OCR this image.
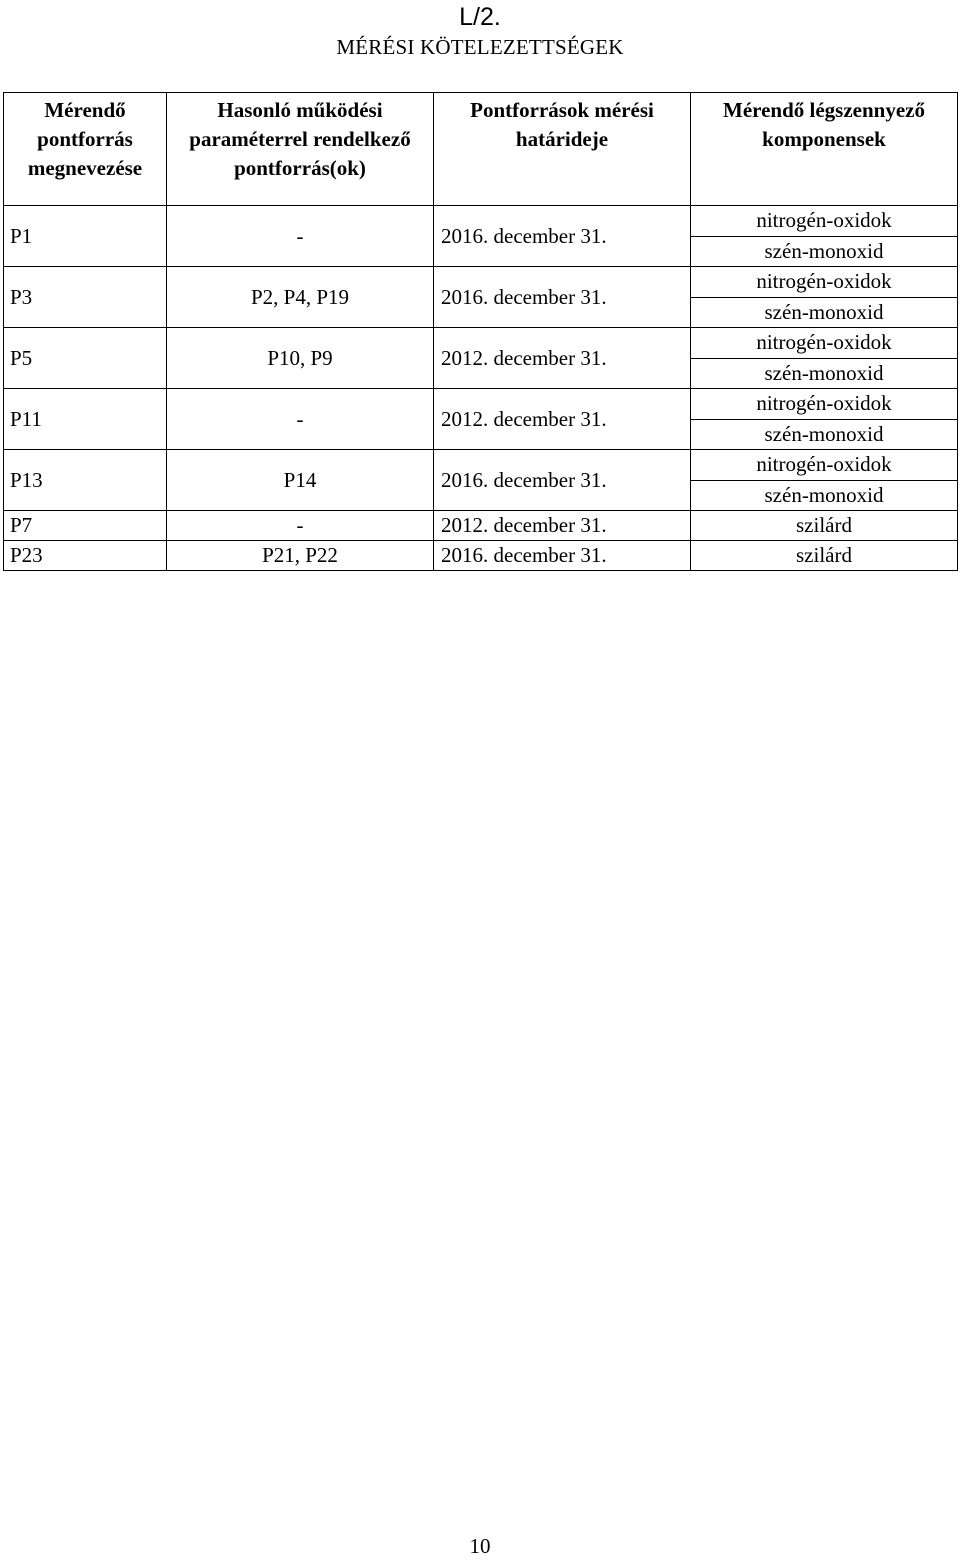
L/2.
MÉRÉSI KÖTELEZETTSÉGEK
Mérendő pontforrás megnevezése	Hasonló működési paraméterrel rendelkező pontforrás(ok)	Pontforrások mérési határideje	Mérendő légszennyező komponensek
P1	-	2016. december 31.	nitrogén-oxidok
szén-monoxid

P3	P2, P4, P19	2016. december 31.	nitrogén-oxidok
szén-monoxid

P5	P10, P9	2012. december 31.	nitrogén-oxidok
szén-monoxid

P11	-	2012. december 31.	nitrogén-oxidok
szén-monoxid

P13	P14	2016. december 31.	nitrogén-oxidok
szén-monoxid

P7	-	2012. december 31.	szilárd
P23	P21, P22	2016. december 31.	szilárd
10
